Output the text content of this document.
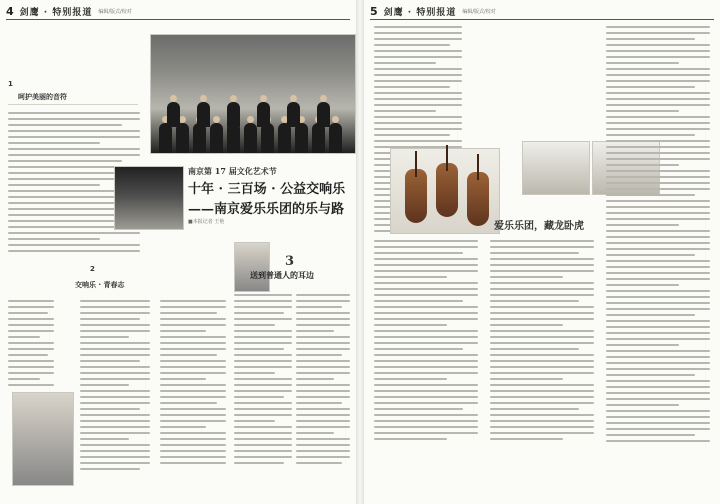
4 剑鹰 · 特别报道 编辑/版式/校对
1
呵护美丽的音符
2
交响乐 · 青春志
南京第 17 届文化艺术节
十年 · 三百场 · 公益交响乐
——南京爱乐乐团的乐与路
■本报记者 王艳
3
送到普通人的耳边
5 剑鹰 · 特别报道 编辑/版式/校对
爱乐乐团，藏龙卧虎
